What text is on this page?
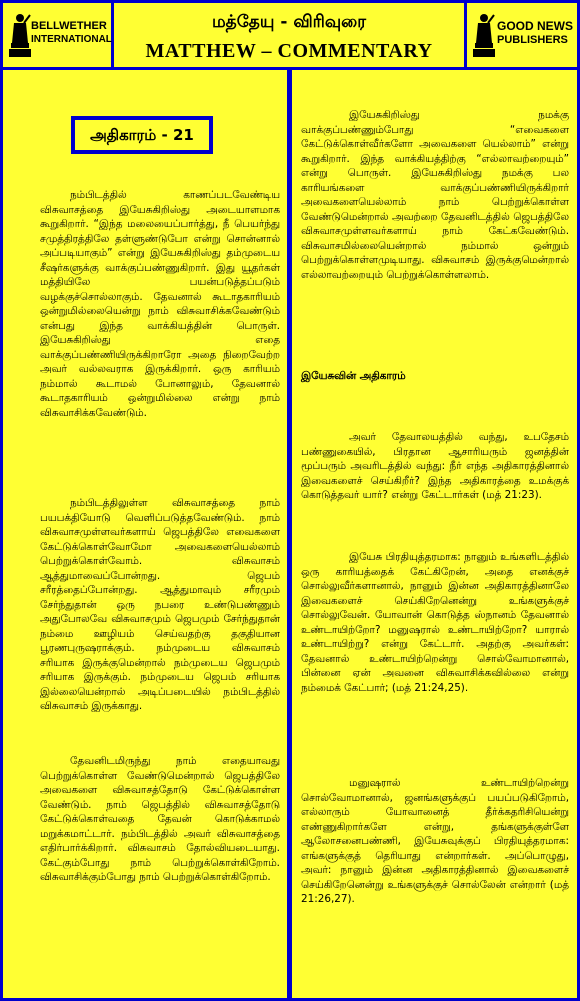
BELLWETHER
INTERNATIONAL
மத்தேயு - விரிவுரை
MATTHEW – COMMENTARY
GOOD NEWS
PUBLISHERS
அதிகாரம் - 21

நம்பிடத்தில் காணப்படவேண்டிய விசுவாசத்தை இயேசுகிறிஸ்து அடையாளமாக கூறுகிறார். “இந்த மலையைப்பார்த்து, நீ பெயர்ந்து சமுத்திரத்திலே தள்ளுண்டுபோ என்று சொன்னால் அப்படியாகும்” என்று இயேசுகிறிஸ்து தம்முடைய சீஷர்களுக்கு வாக்குப்பண்ணுகிறார். இது யூதர்கள் மத்தியிலே பயன்படுத்தப்படும் வழக்குச்சொல்லாகும். தேவனால் கூடாதகாரியம் ஒன்றுமில்லையென்று நாம் விசுவாசிக்கவேண்டும் என்பது இந்த வாக்கியத்தின் பொருள். இயேசுகிறிஸ்து எதை வாக்குப்பண்ணியிருக்கிறாரோ அதை நிறைவேற்ற அவர் வல்லவராக இருக்கிறார். ஒரு காரியம் நம்மால் கூடாமல் போனாலும், தேவனால் கூடாதகாரியம் ஒன்றுமில்லை என்று நாம் விசுவாசிக்கவேண்டும்.

நம்பிடத்திலுள்ள விசுவாசத்தை நாம் பயபக்தியோடு வெளிப்படுத்தவேண்டும். நாம் விசுவாசமுள்ளவர்களாய் ஜெபத்திலே எவைகளை கேட்டுக்கொள்வோமோ அவைகளையெல்லாம் பெற்றுக்கொள்வோம். விசுவாசம் ஆத்துமாவைப்போன்றது. ஜெபம் சரீரத்தைப்போன்றது. ஆத்துமாவும் சரீரமும் சேர்ந்துதான் ஒரு நபரை உண்டுபண்ணும் அதுபோலவே விசுவாசமும் ஜெபமும் சேர்ந்துதான் நம்மை ஊழியம் செய்வதற்கு தகுதியான பூரணபுருஷராக்கும். நம்முடைய விசுவாசம் சரியாக இருக்குமென்றால் நம்முடைய ஜெபமும் சரியாக இருக்கும். நம்முடைய ஜெபம் சரியாக இல்லையென்றால் அடிப்படையில் நம்பிடத்தில் விசுவாசம் இருக்காது.

தேவனிடமிருந்து நாம் எதையாவது பெற்றுக்கொள்ள வேண்டுமென்றால் ஜெபத்திலே அவைகளை விசுவாசத்தோடு கேட்டுக்கொள்ள வேண்டும். நாம் ஜெபத்தில் விசுவாசத்தோடு கேட்டுக்கொள்வதை தேவன் கொடுக்காமல் மறுக்கமாட்டார். நம்பிடத்தில் அவர் விசுவாசத்தை எதிர்பார்க்கிறார். விசுவாசம் தோல்வியடையாது. கேட்கும்போது நாம் பெற்றுக்கொள்கிறோம். விசுவாசிக்கும்போது நாம் பெற்றுக்கொள்கிறோம்.

இயேசுகிறிஸ்து நமக்கு வாக்குப்பண்ணும்போது “எவைகளை கேட்டுக்கொள்வீர்களோ அவைகளை யெல்லாம்” என்று கூறுகிறார். இந்த வாக்கியத்திற்கு “எல்லாவற்றையும்” என்று பொருள். இயேசுகிறிஸ்து நமக்கு பல காரியங்களை வாக்குப்பண்ணியிருக்கிறார் அவைகளையெல்லாம் நாம் பெற்றுக்கொள்ள வேண்டுமென்றால் அவற்றை தேவனிடத்தில் ஜெபத்திலே விசுவாசமுள்ளவர்களாய் நாம் கேட்கவேண்டும். விசுவாசமில்லையென்றால் நம்மால் ஒன்றும் பெற்றுக்கொள்ளமுடியாது. விசுவாசம் இருக்குமென்றால் எல்லாவற்றையும் பெற்றுக்கொள்ளலாம்.

இயேசுவின் அதிகாரம்

அவர் தேவாலயத்தில் வந்து, உபதேசம் பண்ணுகையில், பிரதான ஆசாரியரும் ஜனத்தின் மூப்பரும் அவரிடத்தில் வந்து: நீர் எந்த அதிகாரத்தினால் இவைகளைச் செய்கிறீர்? இந்த அதிகாரத்தை உமக்குக் கொடுத்தவர் யார்? என்று கேட்டார்கள் (மத் 21:23).

இயேசு பிரதியுத்தரமாக: நானும் உங்களிடத்தில் ஒரு காரியத்தைக் கேட்கிறேன், அதை எனக்குச் சொல்லுவீர்களானால், நானும் இன்ன அதிகாரத்தினாலே இவைகளைச் செய்கிறேனென்று உங்களுக்குச் சொல்லுவேன். யோவான் கொடுத்த ஸ்நானம் தேவனால் உண்டாயிற்றோ? மனுஷரால் உண்டாயிற்றோ? யாரால் உண்டாயிற்று? என்று கேட்டார். அதற்கு அவர்கள்: தேவனால் உண்டாயிற்றென்று சொல்வோமானால், பின்னை ஏன் அவனை விசுவாசிக்கவில்லை என்று நம்மைக் கேட்பார்; (மத் 21:24,25).

மனுஷரால் உண்டாயிற்றென்று சொல்வோமானால், ஜனங்களுக்குப் பயப்படுகிறோம், எல்லாரும் யோவானைத் தீர்க்கதரிசியென்று எண்ணுகிறார்களே என்று, தங்களுக்குள்ளே ஆலோசனைபண்ணி, இயேசுவுக்குப் பிரதியுத்தரமாக: எங்களுக்குத் தெரியாது என்றார்கள். அப்பொழுது, அவர்: நானும் இன்ன அதிகாரத்தினால் இவைகளைச் செய்கிறேனென்று உங்களுக்குச் சொல்லேன் என்றார் (மத் 21:26,27).
